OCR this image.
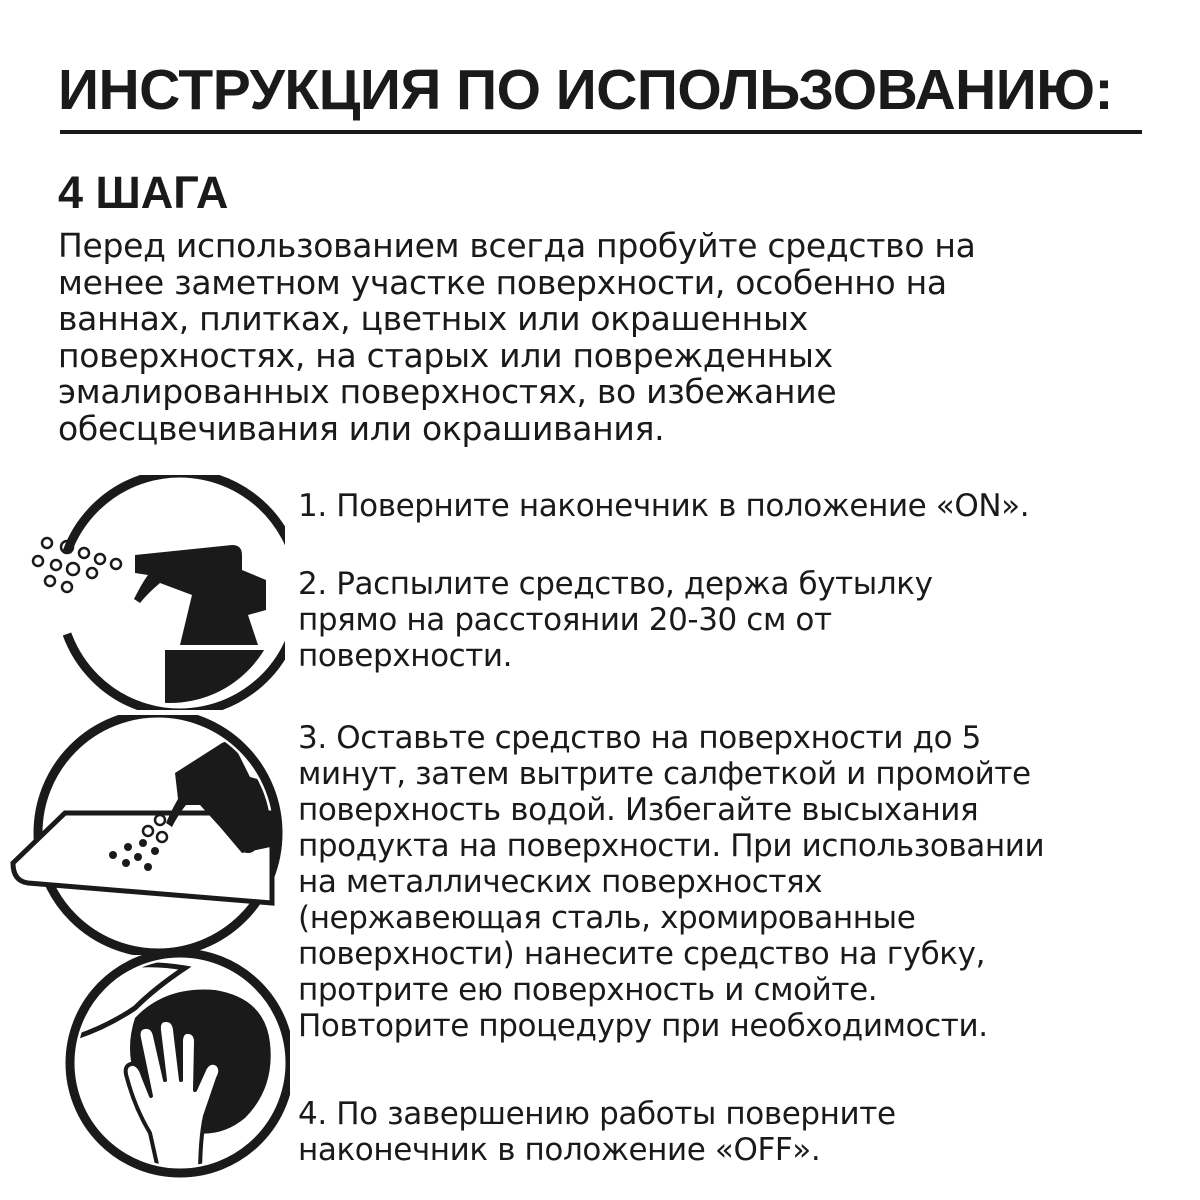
ИНСТРУКЦИЯ ПО ИСПОЛЬЗОВАНИЮ:
4 ШАГА
Перед использованием всегда пробуйте средство на
менее заметном участке поверхности, особенно на
ваннах, плитках, цветных или окрашенных
поверхностях, на старых или поврежденных
эмалированных поверхностях, во избежание
обесцвечивания или окрашивания.
1. Поверните наконечник в положение «ON».
2. Распылите средство, держа бутылку
прямо на расстоянии 20-30 см от
поверхности.
3. Оставьте средство на поверхности до 5
минут, затем вытрите салфеткой и промойте
поверхность водой. Избегайте высыхания
продукта на поверхности. При использовании
на металлических поверхностях
(нержавеющая сталь, хромированные
поверхности) нанесите средство на губку,
протрите ею поверхность и смойте.
Повторите процедуру при необходимости.
4. По завершению работы поверните
наконечник в положение «OFF».
